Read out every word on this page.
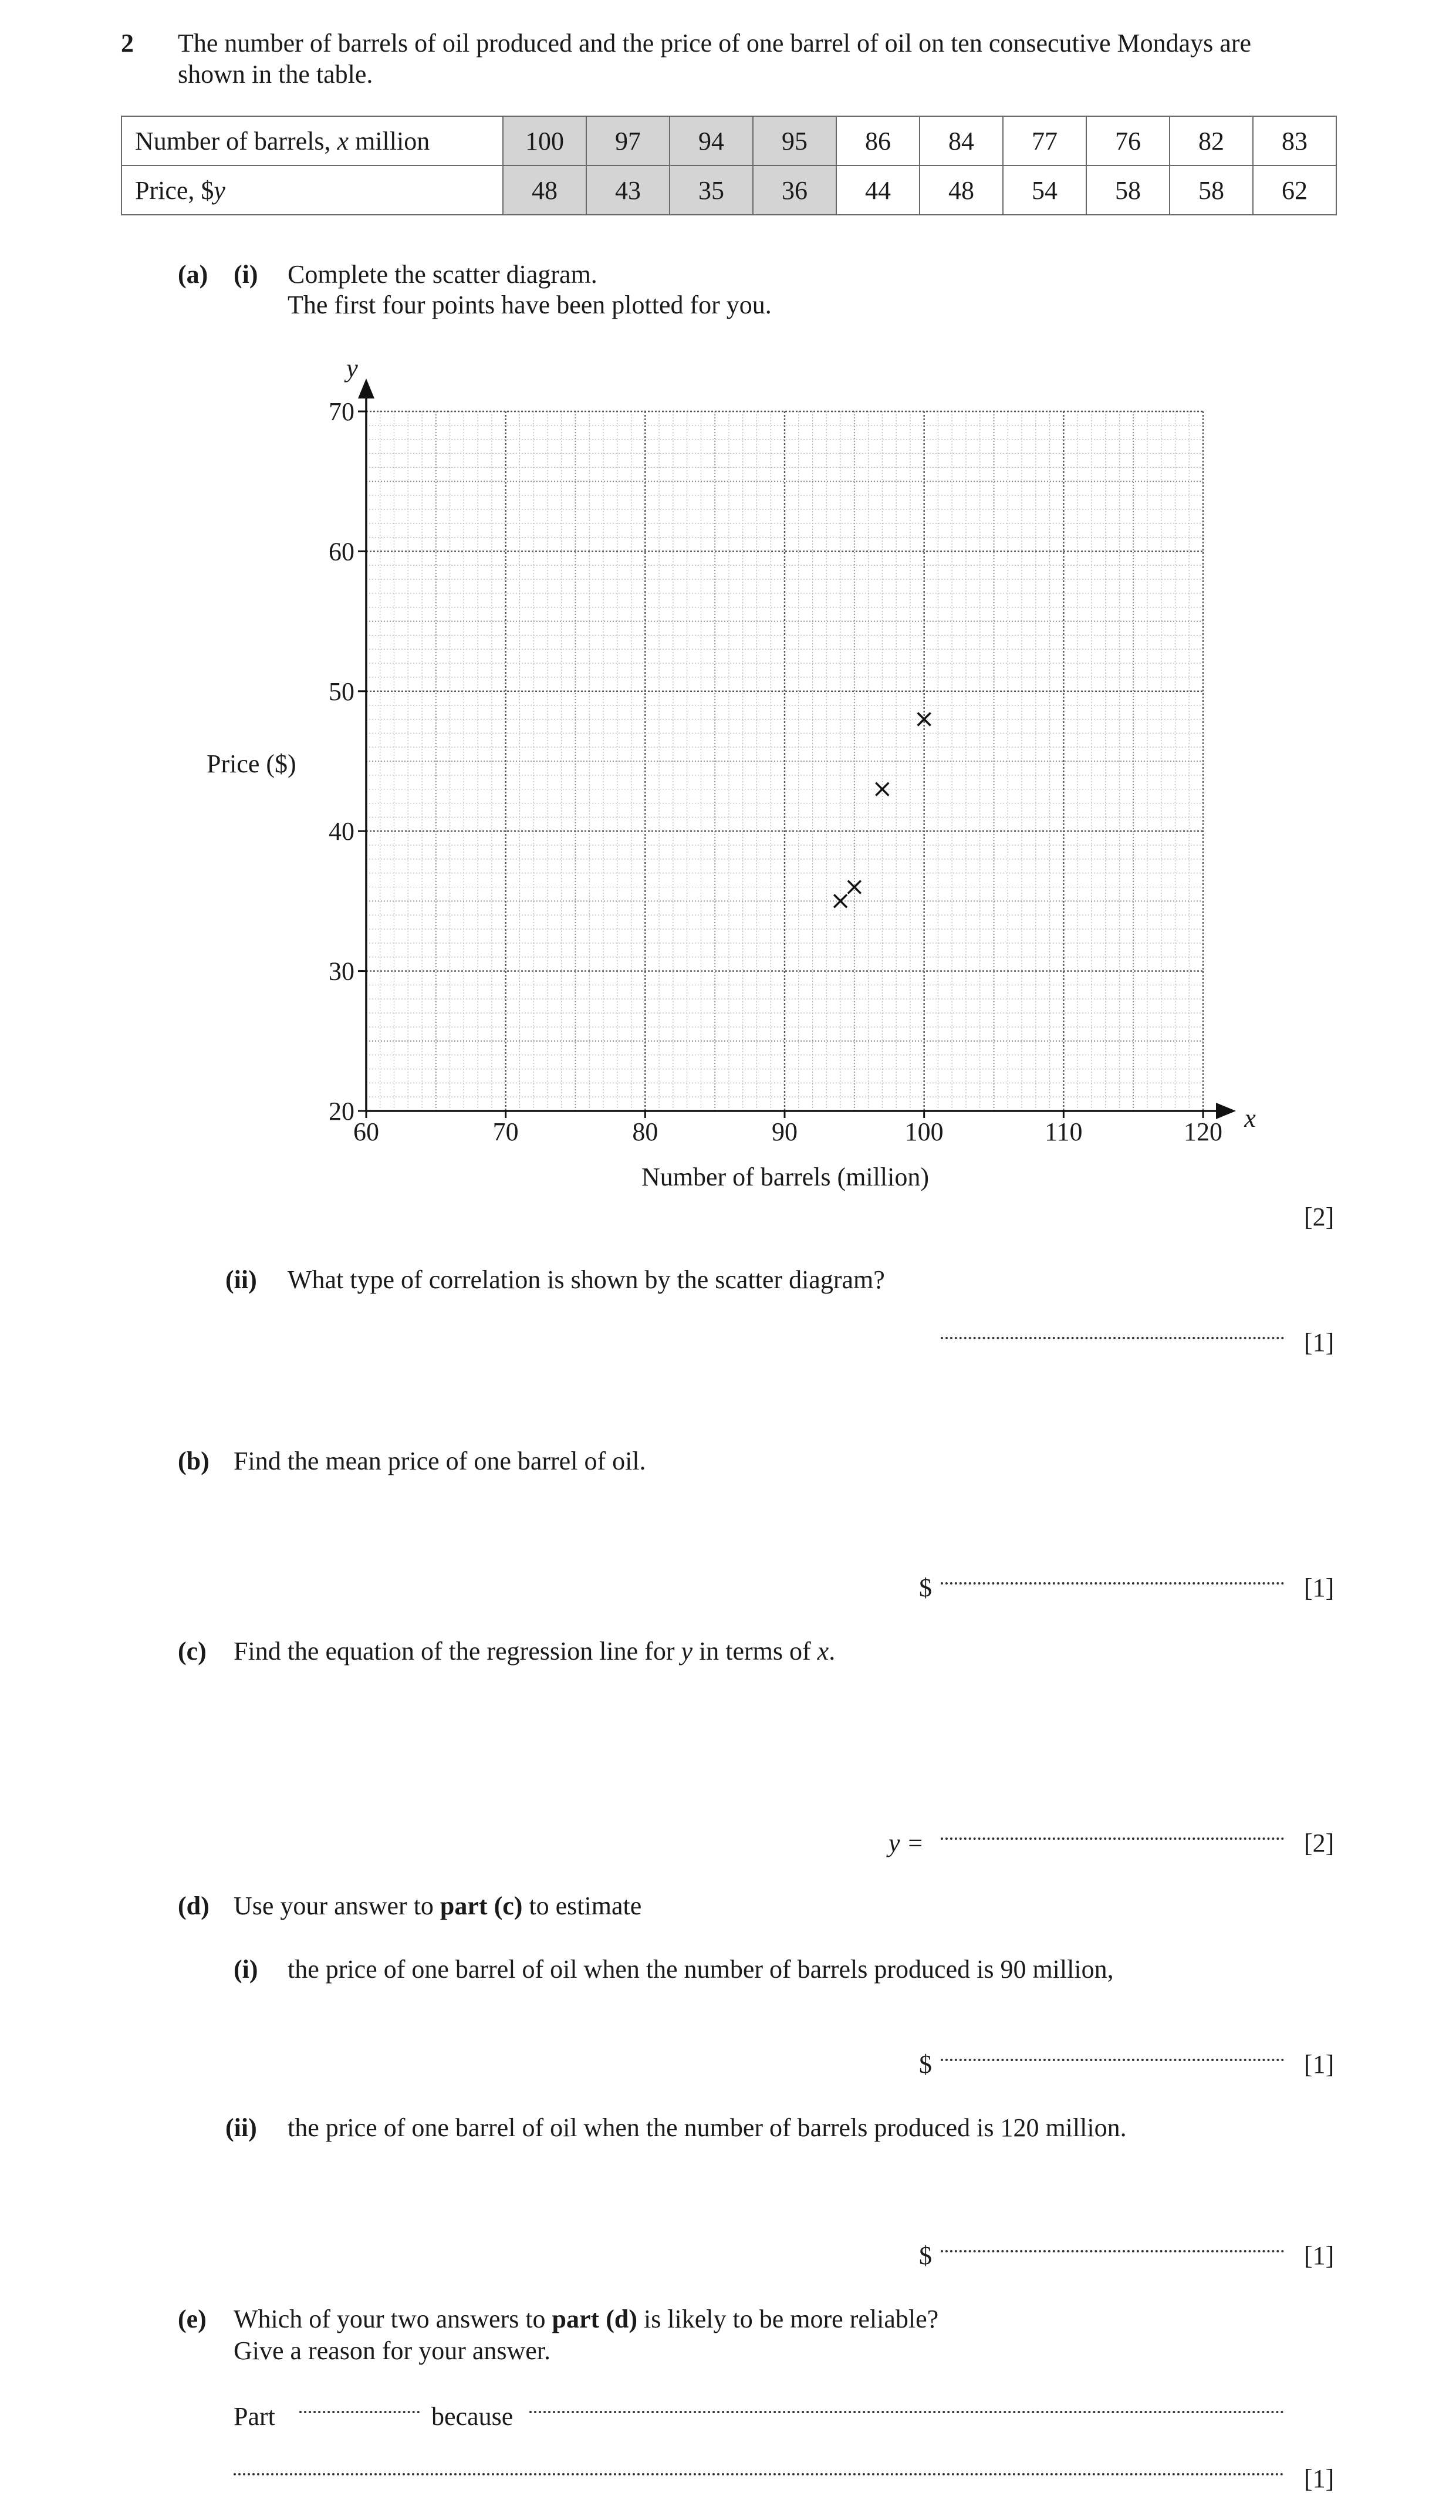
2 The number of barrels of oil produced and the price of one barrel of oil on ten consecutive Mondays are
shown in the table.
Number of barrels, x million	100	97	94	95	86	84	77	76	82	83
Price, $y	48	43	35	36	44	48	54	58	58	62
(a) (i) Complete the scatter diagram.
The first four points have been plotted for you.
20
30
40
50
60
70
60	70	80	90	100	110	120
Price ($)
Number of barrels (million)
y
x
[2]
(ii) What type of correlation is shown by the scatter diagram?
[1]
(b) Find the mean price of one barrel of oil.
$	[1]
(c) Find the equation of the regression line for y in terms of x.
y =	[2]
(d) Use your answer to part (c) to estimate
(i) the price of one barrel of oil when the number of barrels produced is 90 million,
$	[1]
(ii) the price of one barrel of oil when the number of barrels produced is 120 million.
$	[1]
(e) Which of your two answers to part (d) is likely to be more reliable?
Give a reason for your answer.
Part	because
[1]
